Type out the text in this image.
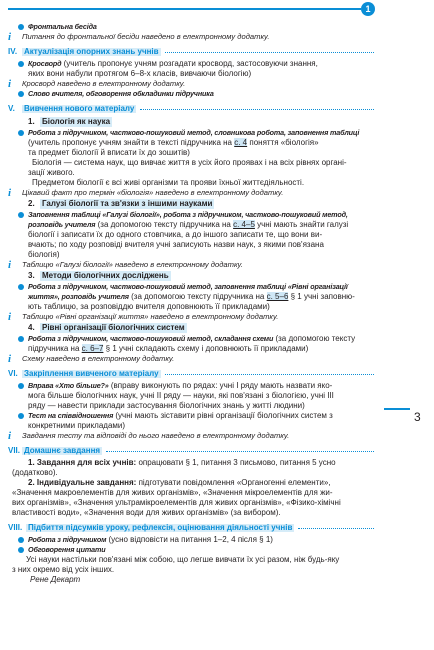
1
Фронтальна бесіда
i	Питання до фронтальної бесіди наведено в електронному додатку.
IV. Актуалізація опорних знань учнів
Кросворд (учитель пропонує учням розгадати кросворд, застосовуючи знання,
яких вони набули протягом 6–8-х класів, вивчаючи біологію)
i	Кросворд наведено в електронному додатку.
Слово вчителя, обговорення обкладинки підручника
V.	Вивчення нового матеріалу
1. Біологія як наука
Робота з підручником, частково-пошуковий метод, словникова робота, заповнення таблиці
(учитель пропонує учням знайти в тексті підручника на с. 4 поняття «біологія»
та предмет біології й вписати їх до зошитів)
Біологія — система наук, що вивчає життя в усіх його проявах і на всіх рівнях органі-
зації живого.
Предметом біології є всі живі організми та прояви їхньої життєдіяльності.
i	Цікавий факт про термін «біологія» наведено в електронному додатку.
2. Галузі біології та зв'язки з іншими науками
Заповнення таблиці «Галузі біології», робота з підручником, частково-пошуковий метод, розповідь учителя (за допомогою тексту підручника на с. 4–5 учні мають знайти галузі
біології і записати їх до одного стовпчика, а до іншого записати те, що вони ви-
вчають; по ходу розповіді вчителя учні записують назви наук, з якими пов'язана
біологія)
i	Таблицю «Галузі біології» наведено в електронному додатку.
3. Методи біологічних досліджень
Робота з підручником, частково-пошуковий метод, заповнення таблиці «Рівні організації життя», розповідь учителя (за допомогою тексту підручника на с. 5–6 § 1 учні заповню-
ють таблицю, за розповіддю вчителя доповнюють її прикладами)
i	Таблицю «Рівні організації життя» наведено в електронному додатку.
4. Рівні організації біологічних систем
Робота з підручником, частково-пошуковий метод, складання схеми (за допомогою тексту
підручника на с. 6–7 § 1 учні складають схему і доповнюють її прикладами)
i	Схему наведено в електронному додатку.
VI. Закріплення вивченого матеріалу
Вправа «Хто більше?» (вправу виконують по рядах: учні I ряду мають назвати яко-
мога більше біологічних наук, учні II ряду — науки, які пов'язані з біологією, учні III
ряду — навести приклади застосування біологічних знань у житті людини)
Тест на співвідношення (учні мають зіставити рівні організації біологічних систем з
конкретними прикладами)
i	Завдання тесту та відповіді до нього наведено в електронному додатку.
VII. Домашнє завдання
1. Завдання для всіх учнів: опрацювати § 1, питання 3 письмово, питання 5 усно
(додатково).
2. Індивідуальне завдання: підготувати повідомлення «Органогенні елементи»,
«Значення макроелементів для живих організмів», «Значення мікроелементів для жи-
вих організмів», «Значення ультрамікроелементів для живих організмів», «Фізико-хімічні
властивості води», «Значення води для живих організмів» (за вибором).
VIII. Підбиття підсумків уроку, рефлексія, оцінювання діяльності учнів
Робота з підручником (усно відповісти на питання 1–2, 4 після § 1)
Обговорення цитати
Усі науки настільки пов'язані між собою, що легше вивчати їх усі разом, ніж будь-яку
з них окремо від усіх інших.
Рене Декарт
3
